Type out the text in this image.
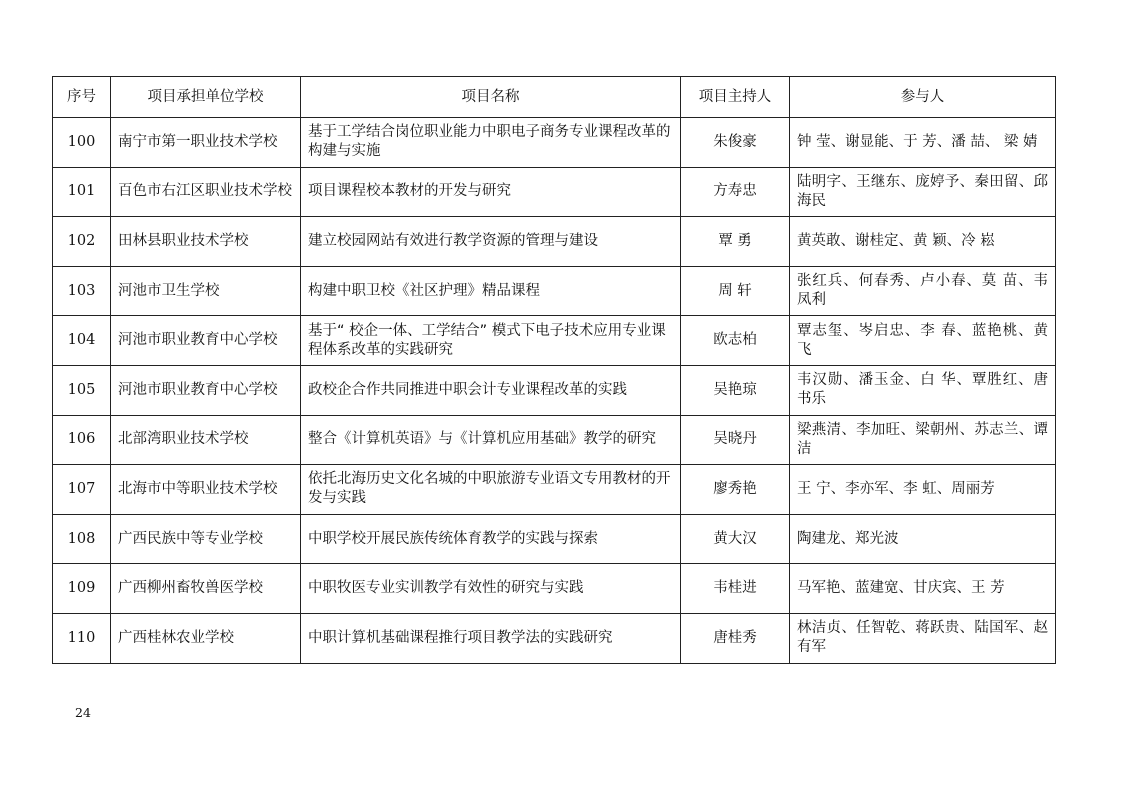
序号	项目承担单位学校	项目名称	项目主持人	参与人
100	南宁市第一职业技术学校	基于工学结合岗位职业能力中职电子商务专业课程改革的构建与实施	朱俊豪	钟 莹、谢显能、于 芳、潘 喆、 梁 婧
101	百色市右江区职业技术学校	项目课程校本教材的开发与研究	方寿忠	陆明字、王继东、庞婷予、秦田留、邱海民
102	田林县职业技术学校	建立校园网站有效进行教学资源的管理与建设	覃 勇	黄英敢、谢桂定、黄 颖、冷 崧
103	河池市卫生学校	构建中职卫校《社区护理》精品课程	周 轩	张红兵、何春秀、卢小春、莫 苗、韦凤利
104	河池市职业教育中心学校	基于“ 校企一体、工学结合” 模式下电子技术应用专业课程体系改革的实践研究	欧志柏	覃志玺、岑启忠、李 春、蓝艳桃、黄 飞
105	河池市职业教育中心学校	政校企合作共同推进中职会计专业课程改革的实践	吴艳琼	韦汉勋、潘玉金、白 华、覃胜红、唐书乐
106	北部湾职业技术学校	整合《计算机英语》与《计算机应用基础》教学的研究	吴晓丹	梁燕清、李加旺、梁朝州、苏志兰、谭洁
107	北海市中等职业技术学校	依托北海历史文化名城的中职旅游专业语文专用教材的开发与实践	廖秀艳	王 宁、李亦军、李 虹、周丽芳
108	广西民族中等专业学校	中职学校开展民族传统体育教学的实践与探索	黄大汉	陶建龙、郑光波
109	广西柳州畜牧兽医学校	中职牧医专业实训教学有效性的研究与实践	韦桂进	马军艳、蓝建宽、甘庆宾、王 芳
110	广西桂林农业学校	中职计算机基础课程推行项目教学法的实践研究	唐桂秀	林洁贞、任智乾、蒋跃贵、陆国军、赵有军
24
